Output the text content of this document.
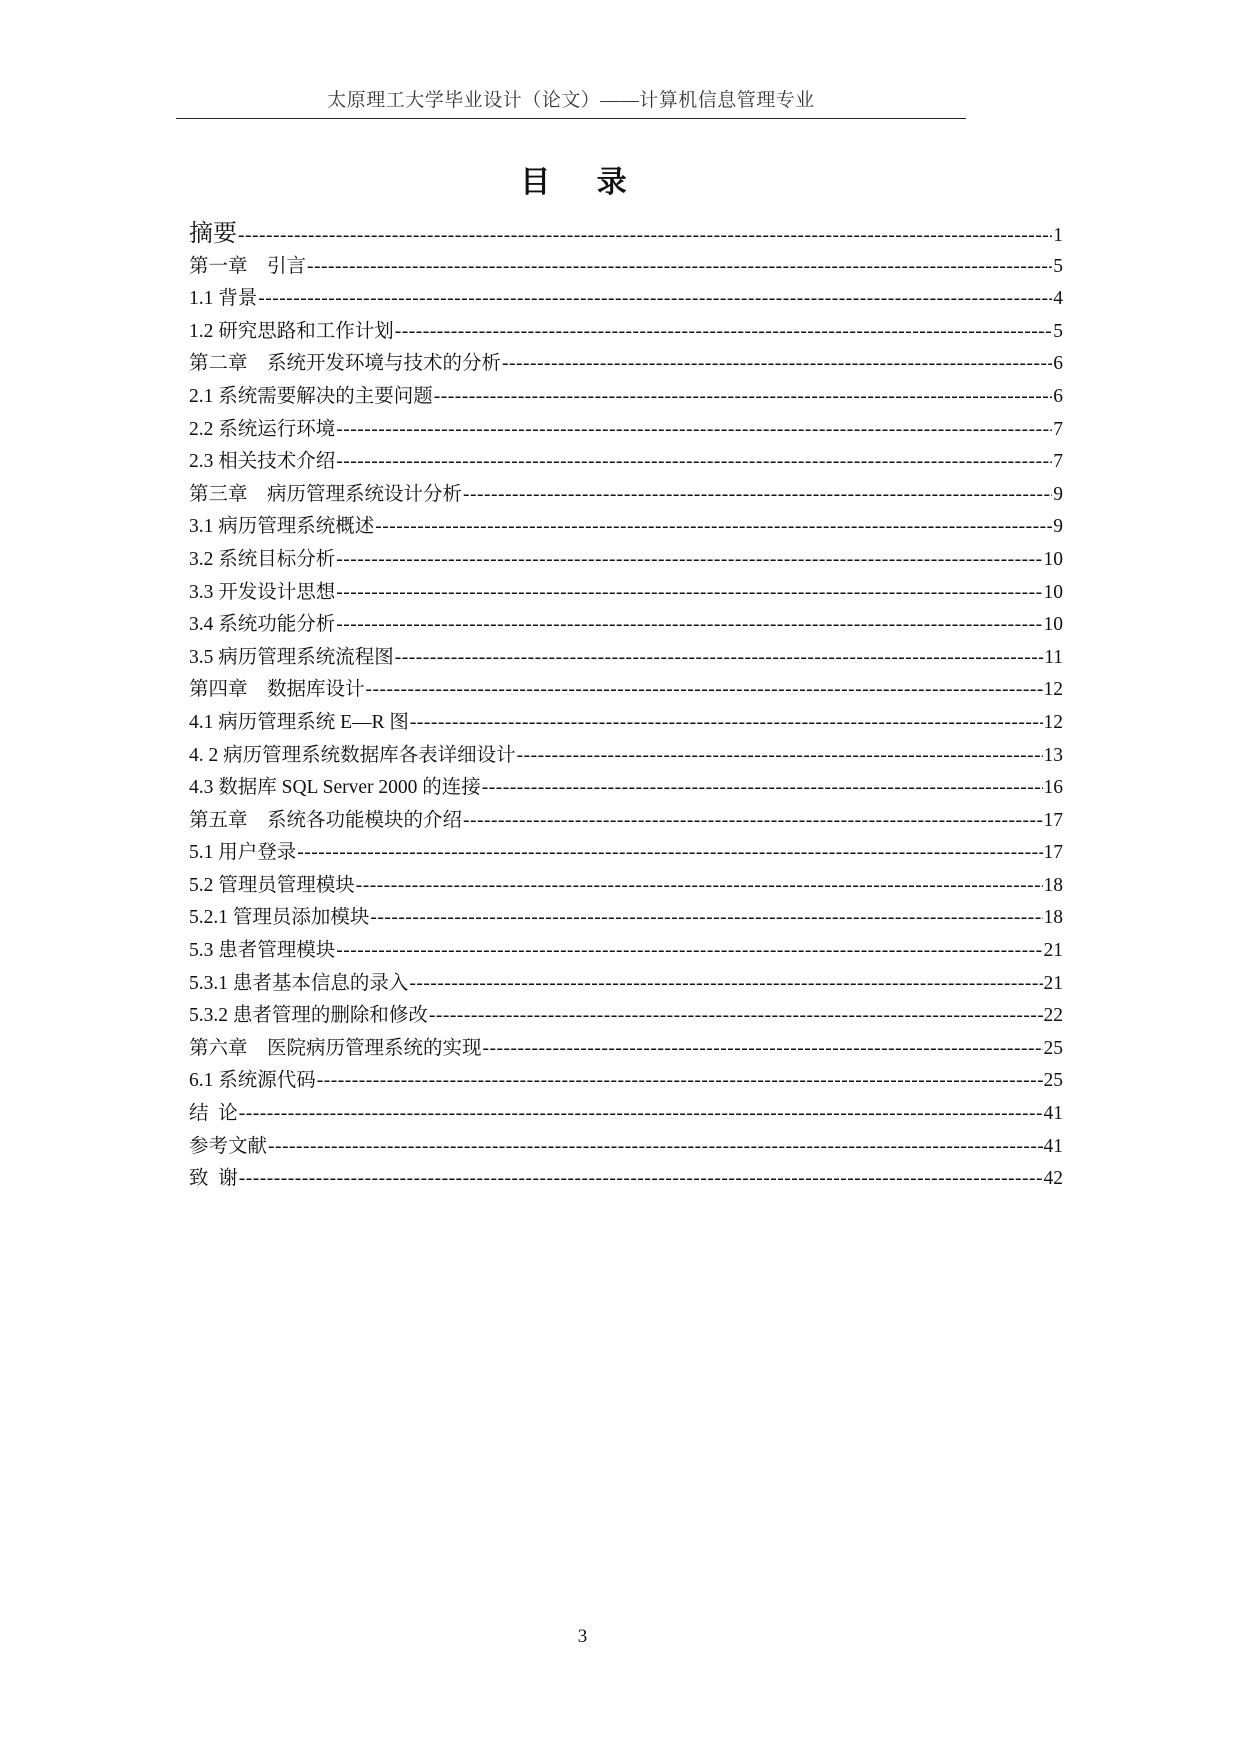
太原理工大学毕业设计（论文）——计算机信息管理专业
目 录
摘要 -----	1
第一章    引言 -----	5
1.1 背景 -----	4
1.2 研究思路和工作计划 -----	5
第二章    系统开发环境与技术的分析 -----	6
2.1 系统需要解决的主要问题 -----	6
2.2 系统运行环境 -----	7
2.3 相关技术介绍 -----	7
第三章    病历管理系统设计分析 -----	9
3.1 病历管理系统概述 -----	9
3.2 系统目标分析 -----	10
3.3 开发设计思想 -----	10
3.4 系统功能分析 -----	10
3.5 病历管理系统流程图 -----	11
第四章    数据库设计 -----	12
4.1 病历管理系统 E—R 图 -----	12
4. 2 病历管理系统数据库各表详细设计 -----	13
4.3 数据库 SQL Server 2000 的连接 -----	16
第五章    系统各功能模块的介绍 -----	17
5.1 用户登录 -----	17
5.2 管理员管理模块 -----	18
5.2.1 管理员添加模块 -----	18
5.3 患者管理模块 -----	21
5.3.1 患者基本信息的录入 -----	21
5.3.2 患者管理的删除和修改 -----	22
第六章    医院病历管理系统的实现 -----	25
6.1 系统源代码 -----	25
结  论 -----	41
参考文献 -----	41
致  谢 -----	42
3
